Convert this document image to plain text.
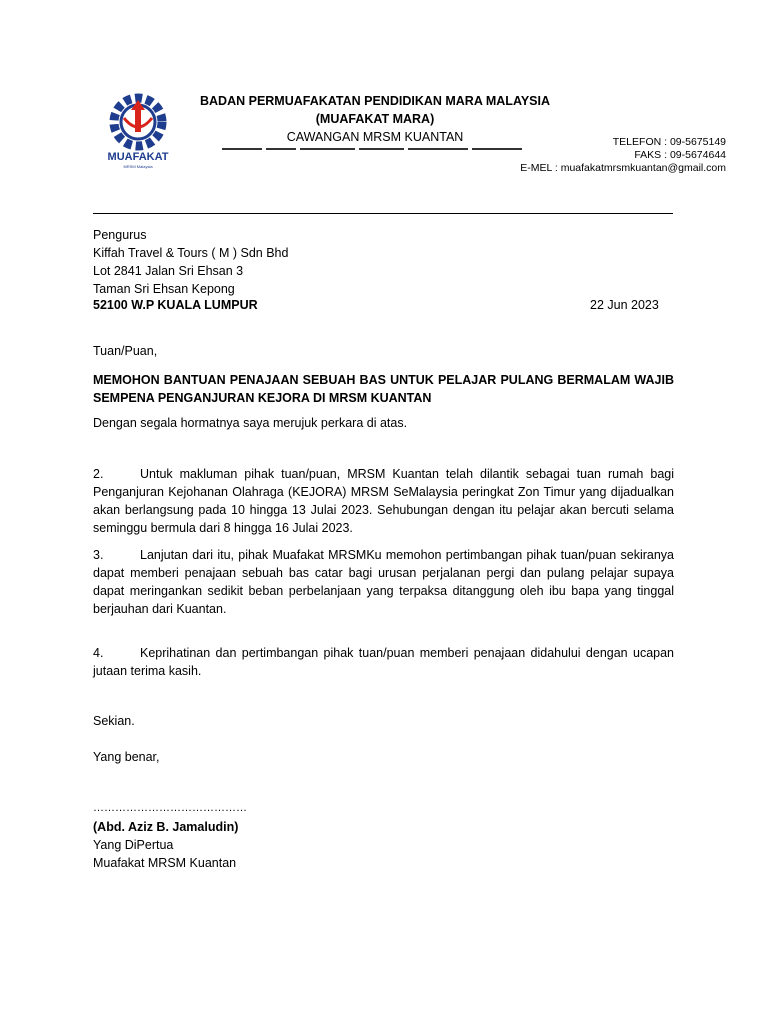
MUAFAKAT
MRSM Malaysia
BADAN PERMUAFAKATAN PENDIDIKAN MARA MALAYSIA
(MUAFAKAT MARA)
CAWANGAN MRSM KUANTAN	TELEFON : 09-5675149
FAKS : 09-5674644
E-MEL : muafakatmrsmkuantan@gmail.com
Pengurus
Kiffah Travel & Tours ( M ) Sdn Bhd
Lot 2841 Jalan Sri Ehsan 3
Taman Sri Ehsan Kepong
52100 W.P KUALA LUMPUR	22 Jun 2023
Tuan/Puan,
MEMOHON BANTUAN PENAJAAN SEBUAH BAS UNTUK PELAJAR PULANG BERMALAM WAJIB SEMPENA PENGANJURAN KEJORA DI MRSM KUANTAN
Dengan segala hormatnya saya merujuk perkara di atas.
2.	Untuk makluman pihak tuan/puan, MRSM Kuantan telah dilantik sebagai tuan rumah bagi Penganjuran Kejohanan Olahraga (KEJORA) MRSM SeMalaysia peringkat Zon Timur yang dijadualkan akan berlangsung pada 10 hingga 13 Julai 2023. Sehubungan dengan itu pelajar akan bercuti selama seminggu bermula dari 8 hingga 16 Julai 2023.
3.	Lanjutan dari itu, pihak Muafakat MRSMKu memohon pertimbangan pihak tuan/puan sekiranya dapat memberi penajaan sebuah bas catar bagi urusan perjalanan pergi dan pulang pelajar supaya dapat meringankan sedikit beban perbelanjaan yang terpaksa ditanggung oleh ibu bapa yang tinggal berjauhan dari Kuantan.
4.	Keprihatinan dan pertimbangan pihak tuan/puan memberi penajaan didahului dengan ucapan jutaan terima kasih.
Sekian.
Yang benar,
……………………………………
(Abd. Aziz B. Jamaludin)
Yang DiPertua
Muafakat MRSM Kuantan
